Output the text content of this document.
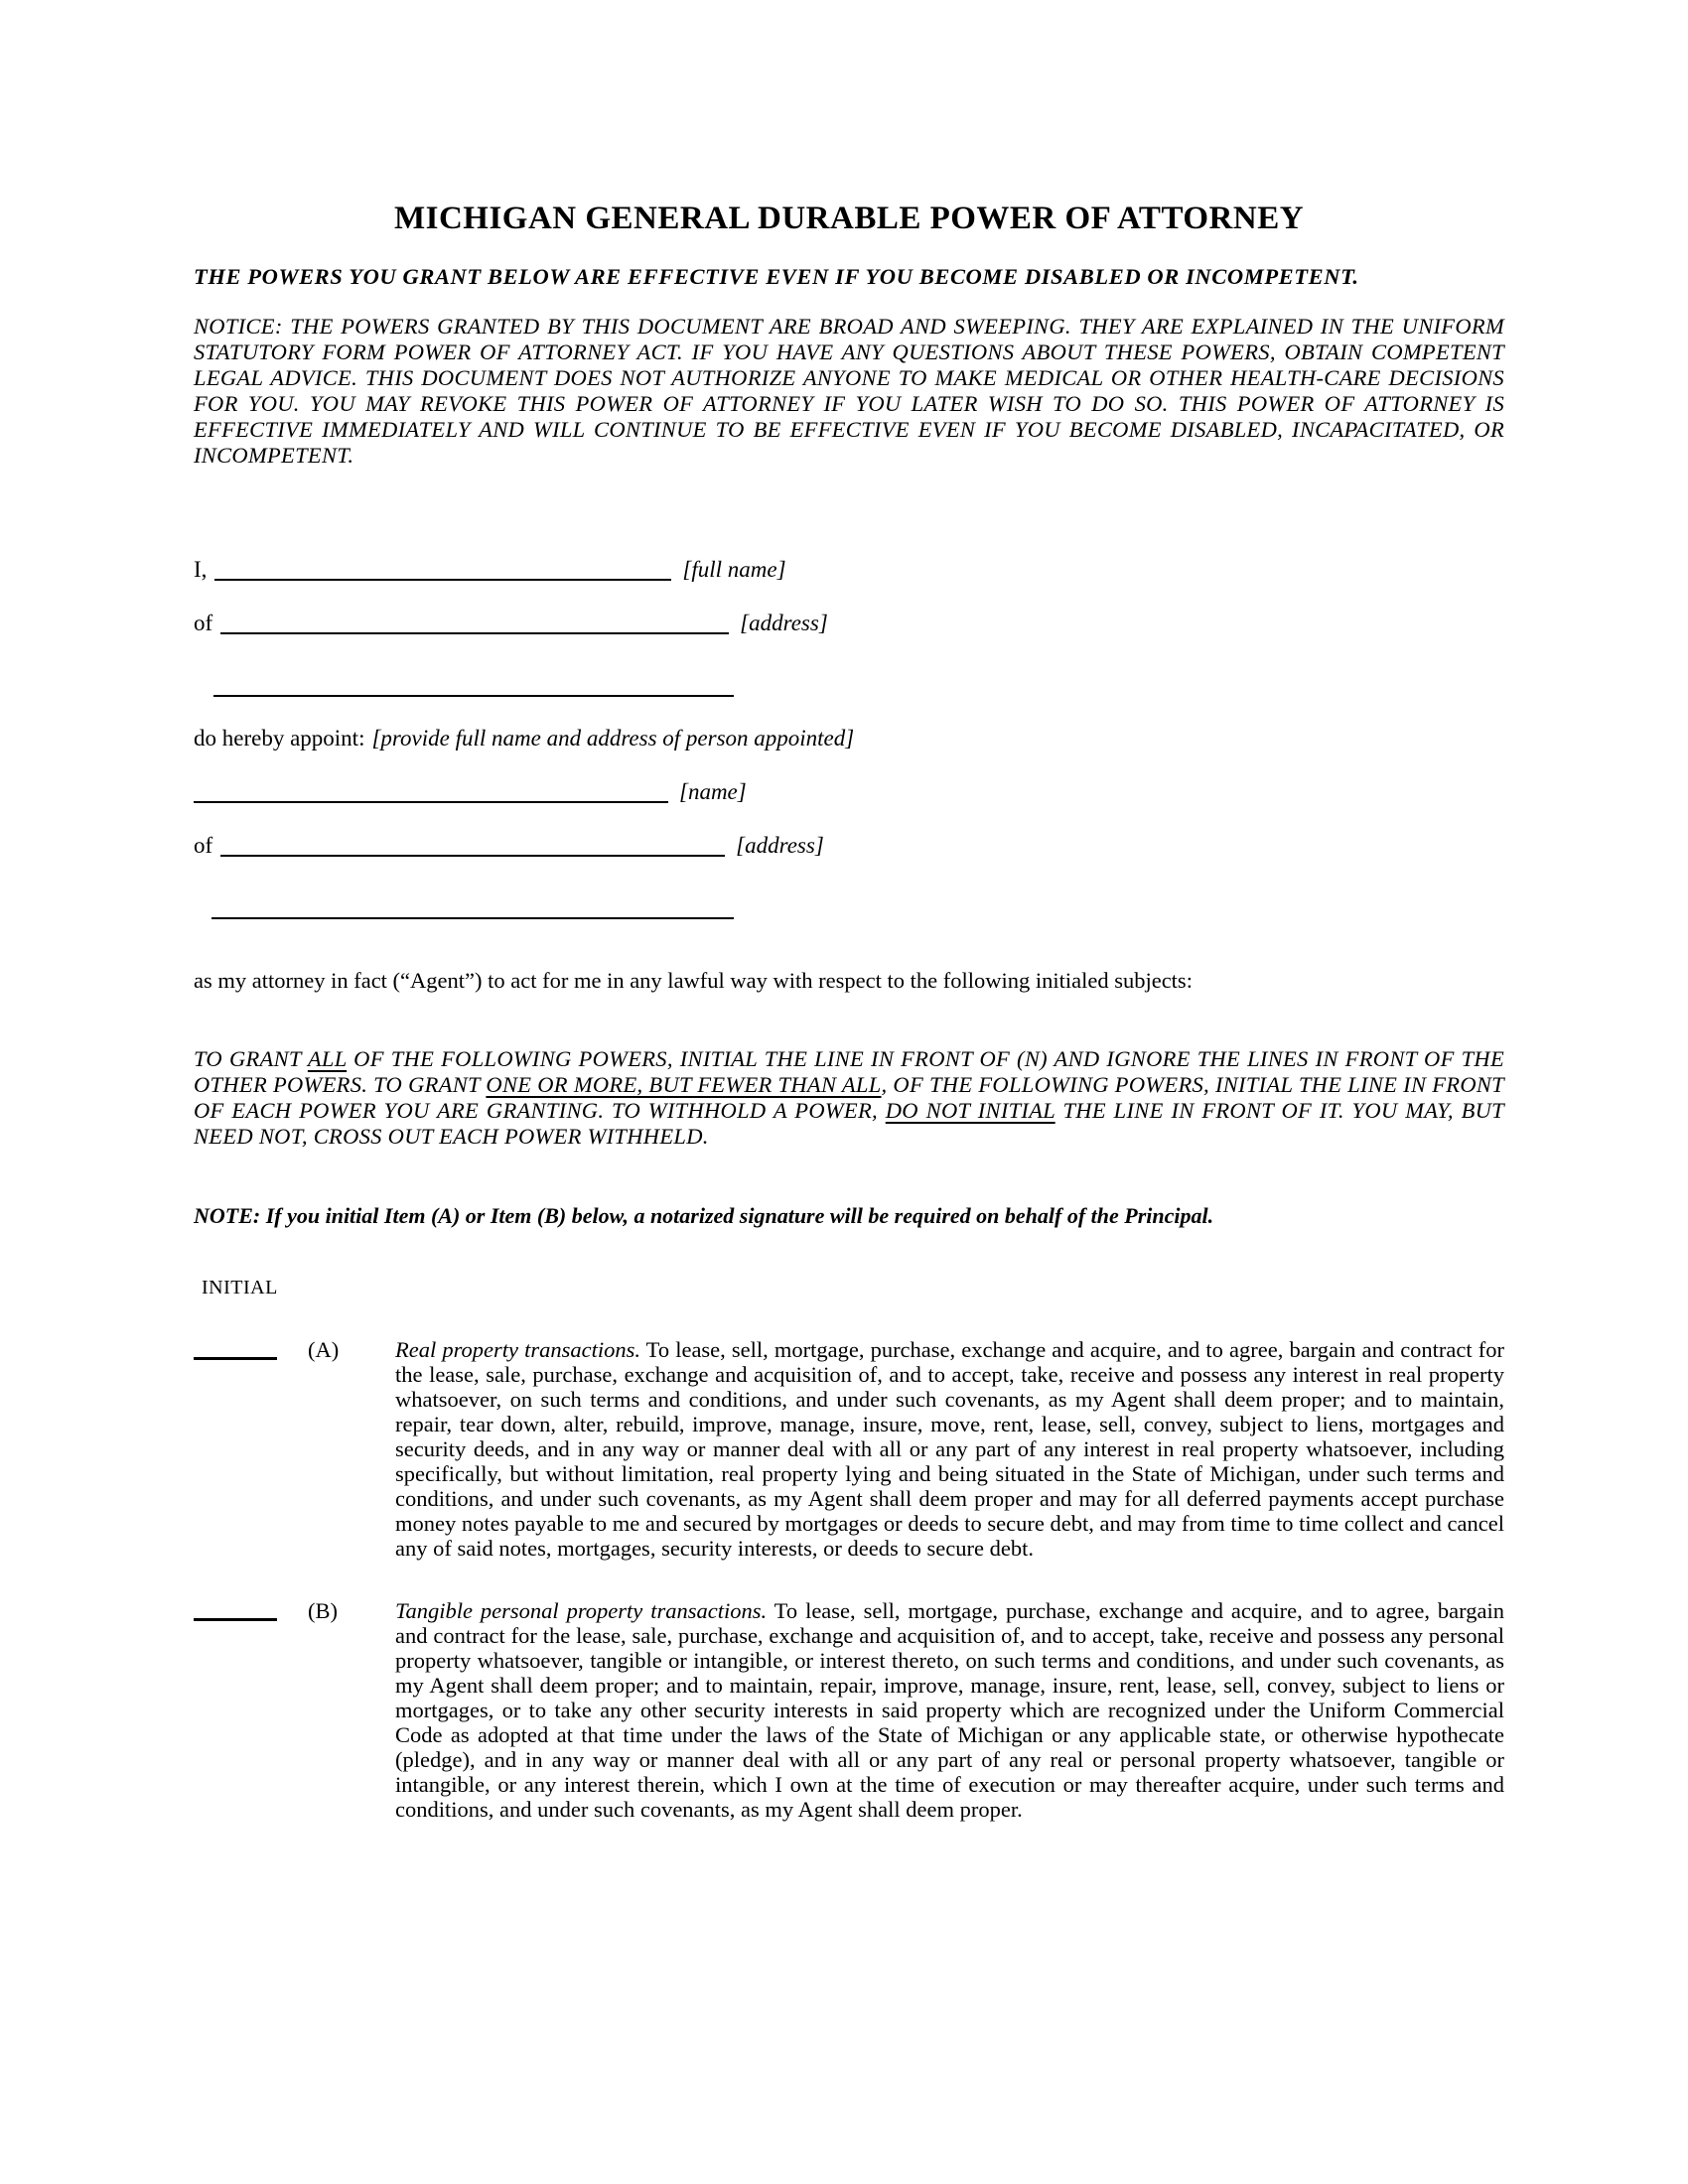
MICHIGAN GENERAL DURABLE POWER OF ATTORNEY

THE POWERS YOU GRANT BELOW ARE EFFECTIVE EVEN IF YOU BECOME DISABLED OR INCOMPETENT.

NOTICE: THE POWERS GRANTED BY THIS DOCUMENT ARE BROAD AND SWEEPING. THEY ARE EXPLAINED IN THE UNIFORM STATUTORY FORM POWER OF ATTORNEY ACT. IF YOU HAVE ANY QUESTIONS ABOUT THESE POWERS, OBTAIN COMPETENT LEGAL ADVICE. THIS DOCUMENT DOES NOT AUTHORIZE ANYONE TO MAKE MEDICAL OR OTHER HEALTH-CARE DECISIONS FOR YOU. YOU MAY REVOKE THIS POWER OF ATTORNEY IF YOU LATER WISH TO DO SO. THIS POWER OF ATTORNEY IS EFFECTIVE IMMEDIATELY AND WILL CONTINUE TO BE EFFECTIVE EVEN IF YOU BECOME DISABLED, INCAPACITATED, OR INCOMPETENT.

I,	[full name]
of	[address]
do hereby appoint: [provide full name and address of person appointed]
[name]
of	[address]

as my attorney in fact (“Agent”) to act for me in any lawful way with respect to the following initialed subjects:

TO GRANT ALL OF THE FOLLOWING POWERS, INITIAL THE LINE IN FRONT OF (N) AND IGNORE THE LINES IN FRONT OF THE OTHER POWERS. TO GRANT ONE OR MORE, BUT FEWER THAN ALL, OF THE FOLLOWING POWERS, INITIAL THE LINE IN FRONT OF EACH POWER YOU ARE GRANTING. TO WITHHOLD A POWER, DO NOT INITIAL THE LINE IN FRONT OF IT. YOU MAY, BUT NEED NOT, CROSS OUT EACH POWER WITHHELD.

NOTE: If you initial Item (A) or Item (B) below, a notarized signature will be required on behalf of the Principal.

INITIAL
(A)	Real property transactions. To lease, sell, mortgage, purchase, exchange and acquire, and to agree, bargain and contract for the lease, sale, purchase, exchange and acquisition of, and to accept, take, receive and possess any interest in real property whatsoever, on such terms and conditions, and under such covenants, as my Agent shall deem proper; and to maintain, repair, tear down, alter, rebuild, improve, manage, insure, move, rent, lease, sell, convey, subject to liens, mortgages and security deeds, and in any way or manner deal with all or any part of any interest in real property whatsoever, including specifically, but without limitation, real property lying and being situated in the State of Michigan, under such terms and conditions, and under such covenants, as my Agent shall deem proper and may for all deferred payments accept purchase money notes payable to me and secured by mortgages or deeds to secure debt, and may from time to time collect and cancel any of said notes, mortgages, security interests, or deeds to secure debt.
(B)	Tangible personal property transactions. To lease, sell, mortgage, purchase, exchange and acquire, and to agree, bargain and contract for the lease, sale, purchase, exchange and acquisition of, and to accept, take, receive and possess any personal property whatsoever, tangible or intangible, or interest thereto, on such terms and conditions, and under such covenants, as my Agent shall deem proper; and to maintain, repair, improve, manage, insure, rent, lease, sell, convey, subject to liens or mortgages, or to take any other security interests in said property which are recognized under the Uniform Commercial Code as adopted at that time under the laws of the State of Michigan or any applicable state, or otherwise hypothecate (pledge), and in any way or manner deal with all or any part of any real or personal property whatsoever, tangible or intangible, or any interest therein, which I own at the time of execution or may thereafter acquire, under such terms and conditions, and under such covenants, as my Agent shall deem proper.
